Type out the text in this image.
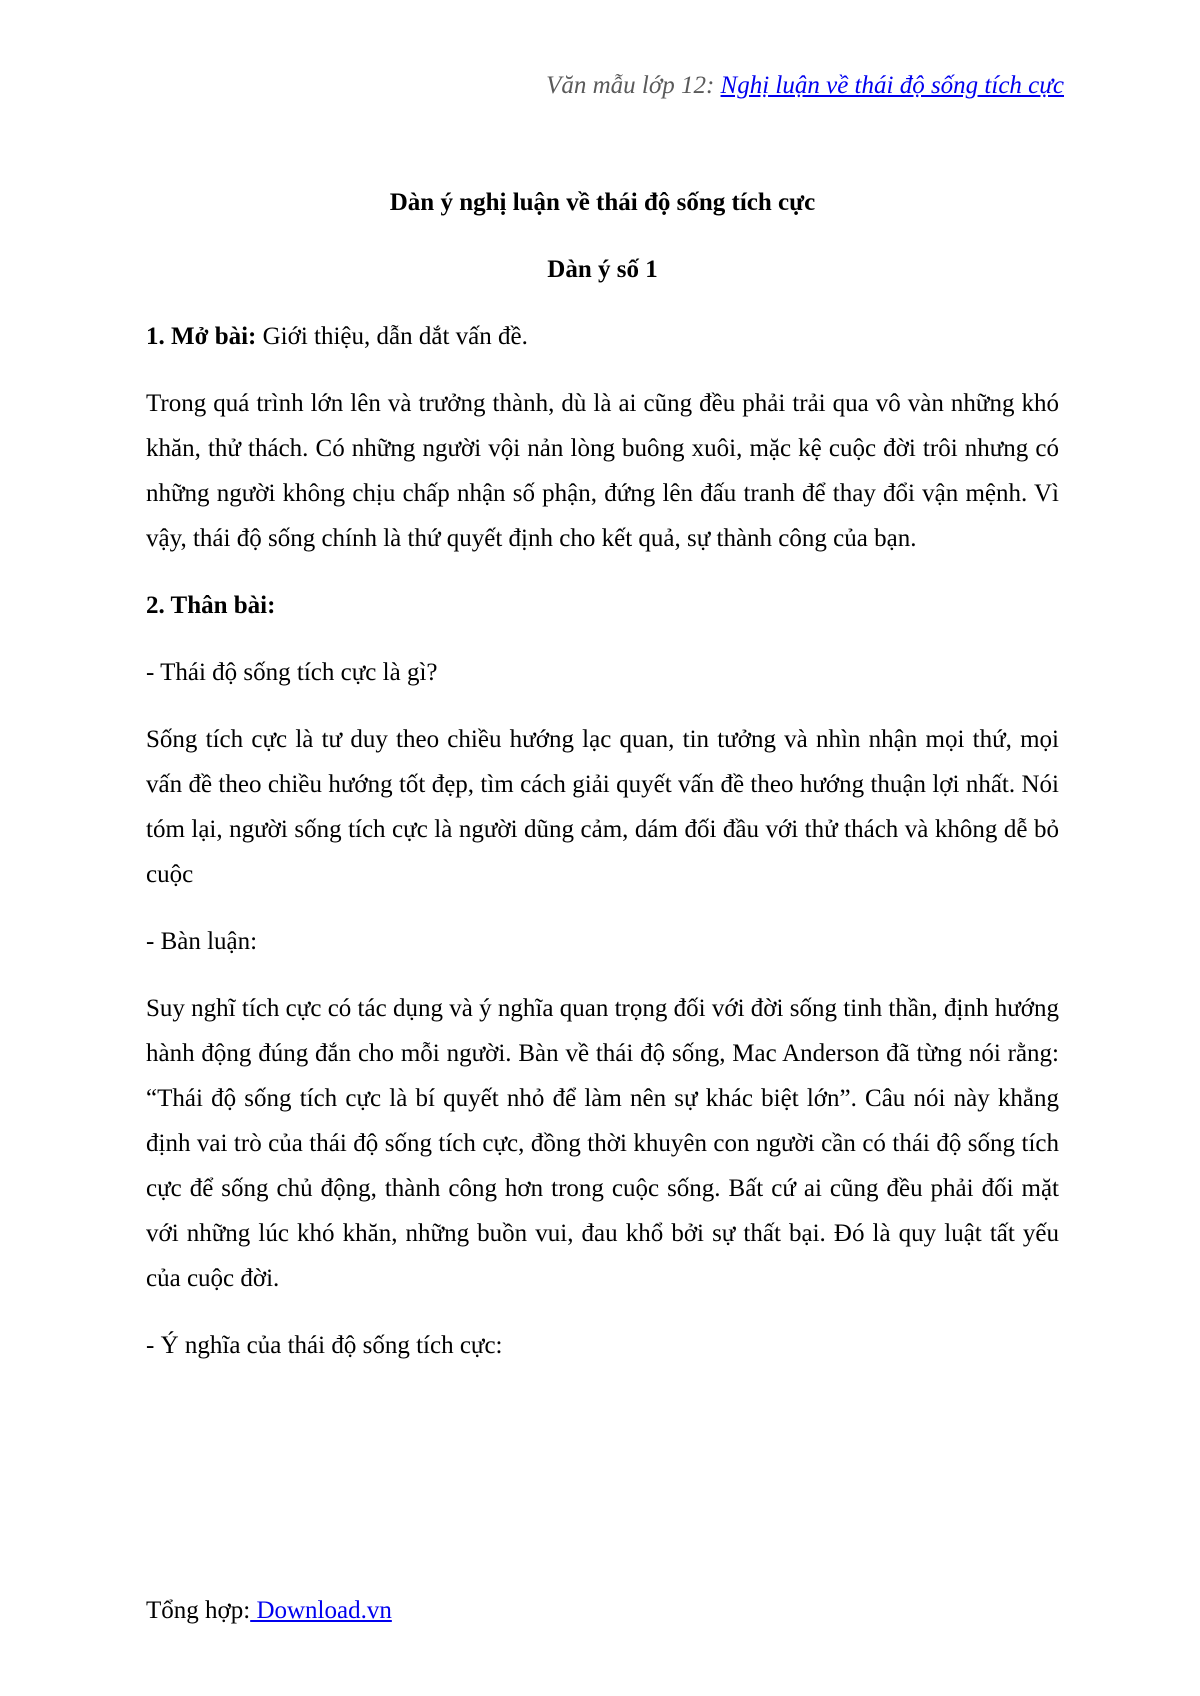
Văn mẫu lớp 12: Nghị luận về thái độ sống tích cực
Dàn ý nghị luận về thái độ sống tích cực
Dàn ý số 1

1. Mở bài: Giới thiệu, dẫn dắt vấn đề.

Trong quá trình lớn lên và trưởng thành, dù là ai cũng đều phải trải qua vô vàn những khó khăn, thử thách. Có những người vội nản lòng buông xuôi, mặc kệ cuộc đời trôi nhưng có những người không chịu chấp nhận số phận, đứng lên đấu tranh để thay đổi vận mệnh. Vì vậy, thái độ sống chính là thứ quyết định cho kết quả, sự thành công của bạn.

2. Thân bài:

- Thái độ sống tích cực là gì?

Sống tích cực là tư duy theo chiều hướng lạc quan, tin tưởng và nhìn nhận mọi thứ, mọi vấn đề theo chiều hướng tốt đẹp, tìm cách giải quyết vấn đề theo hướng thuận lợi nhất. Nói tóm lại, người sống tích cực là người dũng cảm, dám đối đầu với thử thách và không dễ bỏ cuộc

- Bàn luận:

Suy nghĩ tích cực có tác dụng và ý nghĩa quan trọng đối với đời sống tinh thần, định hướng hành động đúng đắn cho mỗi người. Bàn về thái độ sống, Mac Anderson đã từng nói rằng: “Thái độ sống tích cực là bí quyết nhỏ để làm nên sự khác biệt lớn”. Câu nói này khẳng định vai trò của thái độ sống tích cực, đồng thời khuyên con người cần có thái độ sống tích cực để sống chủ động, thành công hơn trong cuộc sống. Bất cứ ai cũng đều phải đối mặt với những lúc khó khăn, những buồn vui, đau khổ bởi sự thất bại. Đó là quy luật tất yếu của cuộc đời.

- Ý nghĩa của thái độ sống tích cực:

Tổng hợp: Download.vn
